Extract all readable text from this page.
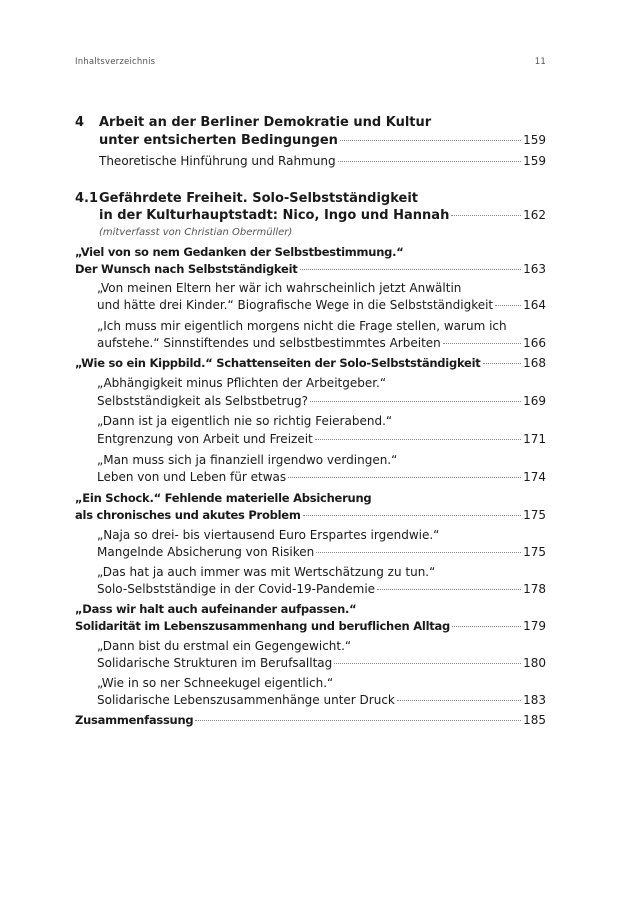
Inhaltsverzeichnis	11
4 Arbeit an der Berliner Demokratie und Kultur
unter entsicherten Bedingungen	159
Theoretische Hinführung und Rahmung	159
4.1Gefährdete Freiheit. Solo-Selbstständigkeit
in der Kulturhauptstadt: Nico, Ingo und Hannah	162
(mitverfasst von Christian Obermüller)
„Viel von so nem Gedanken der Selbstbestimmung.“
Der Wunsch nach Selbstständigkeit	163
„Von meinen Eltern her wär ich wahrscheinlich jetzt Anwältin
und hätte drei Kinder.“ Biografische Wege in die Selbstständigkeit 164
„Ich muss mir eigentlich morgens nicht die Frage stellen, warum ich
aufstehe.“ Sinnstiftendes und selbstbestimmtes Arbeiten	166
„Wie so ein Kippbild.“ Schattenseiten der Solo-Selbstständigkeit	168
„Abhängigkeit minus Pflichten der Arbeitgeber.“
Selbstständigkeit als Selbstbetrug?	169
„Dann ist ja eigentlich nie so richtig Feierabend.“
Entgrenzung von Arbeit und Freizeit	171
„Man muss sich ja finanziell irgendwo verdingen.“
Leben von und Leben für etwas	174
„Ein Schock.“ Fehlende materielle Absicherung
als chronisches und akutes Problem	175
„Naja so drei- bis viertausend Euro Erspartes irgendwie.“
Mangelnde Absicherung von Risiken	175
„Das hat ja auch immer was mit Wertschätzung zu tun.“
Solo-Selbstständige in der Covid-19-Pandemie	178
„Dass wir halt auch aufeinander aufpassen.“
Solidarität im Lebenszusammenhang und beruflichen Alltag	179
„Dann bist du erstmal ein Gegengewicht.“
Solidarische Strukturen im Berufsalltag	180
„Wie in so ner Schneekugel eigentlich.“
Solidarische Lebenszusammenhänge unter Druck	183
Zusammenfassung	185
